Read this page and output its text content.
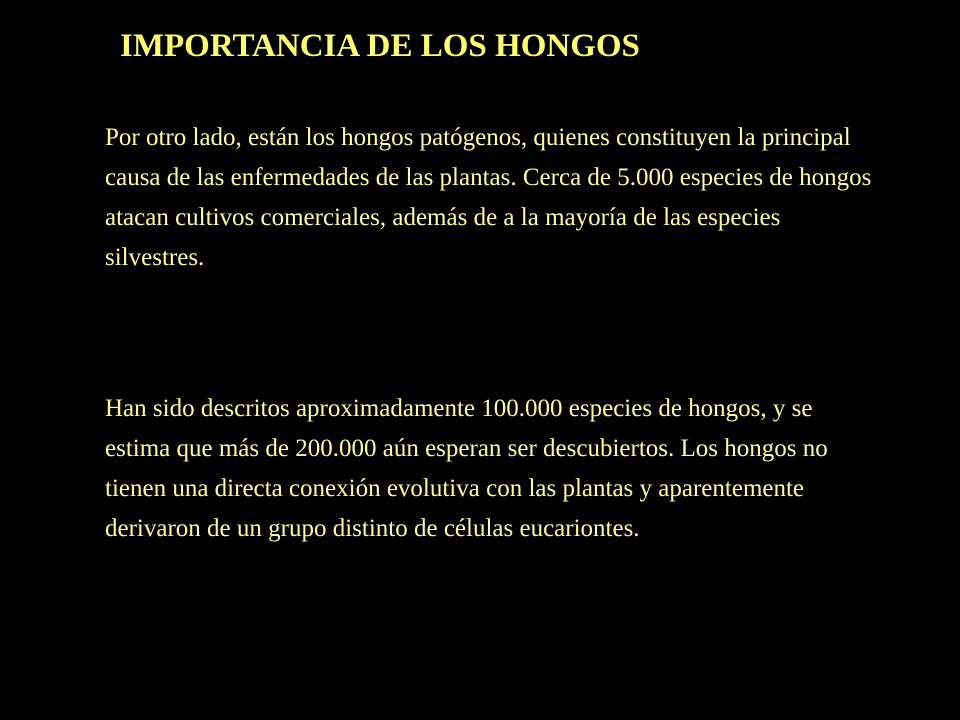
IMPORTANCIA DE LOS HONGOS

Por otro lado, están los hongos patógenos, quienes constituyen la principal causa de las enfermedades de las plantas. Cerca de 5.000 especies de hongos atacan cultivos comerciales, además de a la mayoría de las especies silvestres.

Han sido descritos aproximadamente 100.000 especies de hongos, y se estima que más de 200.000 aún esperan ser descubiertos. Los hongos no tienen una directa conexión evolutiva con las plantas y aparentemente derivaron de un grupo distinto de células eucariontes.
